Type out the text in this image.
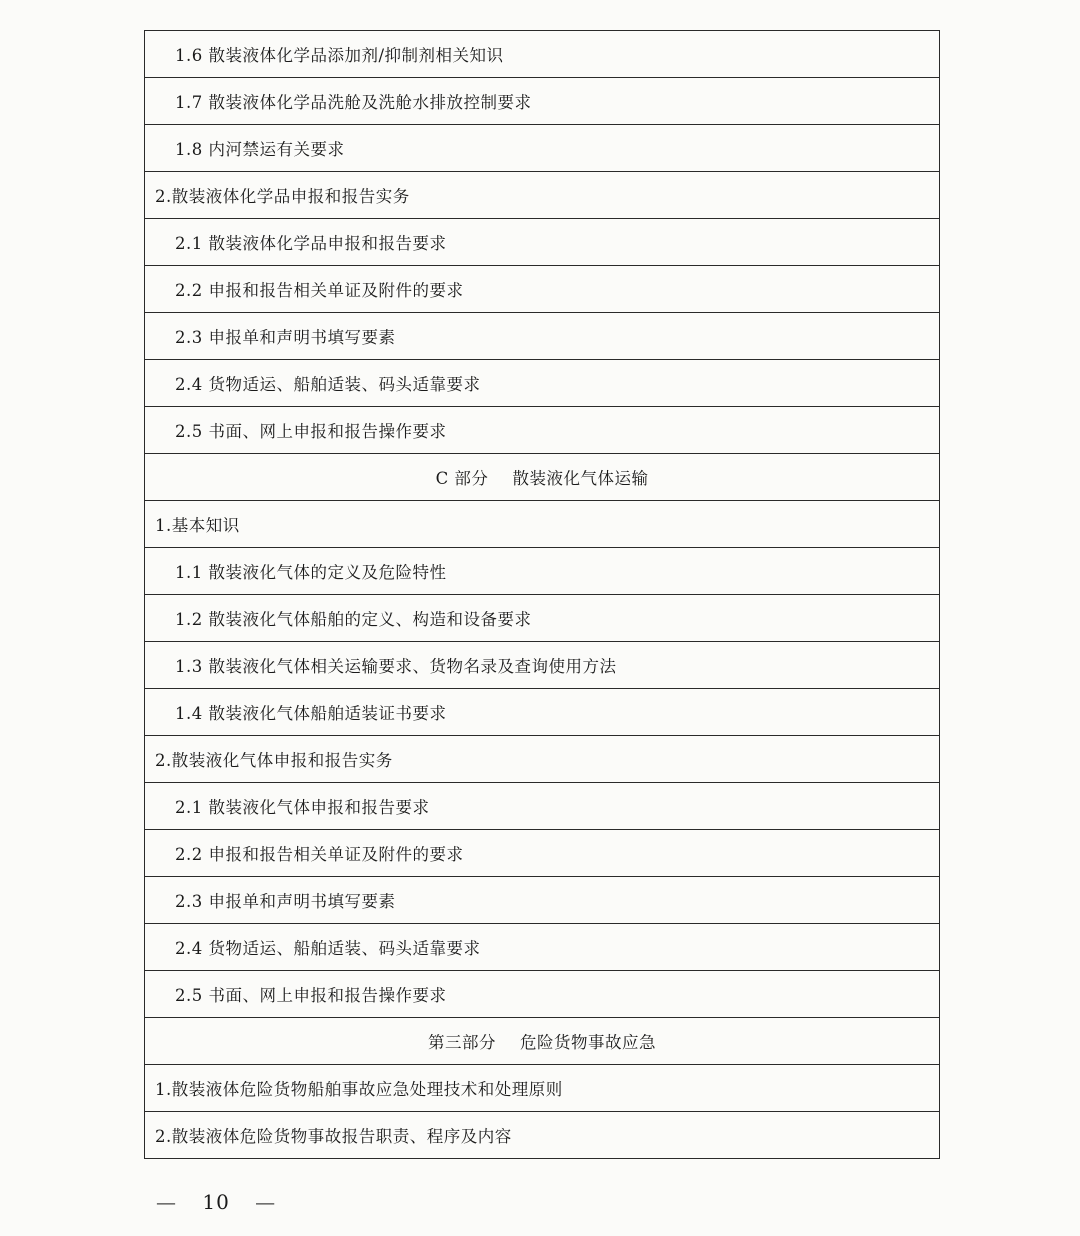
1.6 散装液体化学品添加剂/抑制剂相关知识
1.7 散装液体化学品洗舱及洗舱水排放控制要求
1.8 内河禁运有关要求
2.散装液体化学品申报和报告实务
2.1 散装液体化学品申报和报告要求
2.2 申报和报告相关单证及附件的要求
2.3 申报单和声明书填写要素
2.4 货物适运、船舶适装、码头适靠要求
2.5 书面、网上申报和报告操作要求
C 部分 散装液化气体运输
1.基本知识
1.1 散装液化气体的定义及危险特性
1.2 散装液化气体船舶的定义、构造和设备要求
1.3 散装液化气体相关运输要求、货物名录及查询使用方法
1.4 散装液化气体船舶适装证书要求
2.散装液化气体申报和报告实务
2.1 散装液化气体申报和报告要求
2.2 申报和报告相关单证及附件的要求
2.3 申报单和声明书填写要素
2.4 货物适运、船舶适装、码头适靠要求
2.5 书面、网上申报和报告操作要求
第三部分 危险货物事故应急
1.散装液体危险货物船舶事故应急处理技术和处理原则
2.散装液体危险货物事故报告职责、程序及内容
— 10 —
